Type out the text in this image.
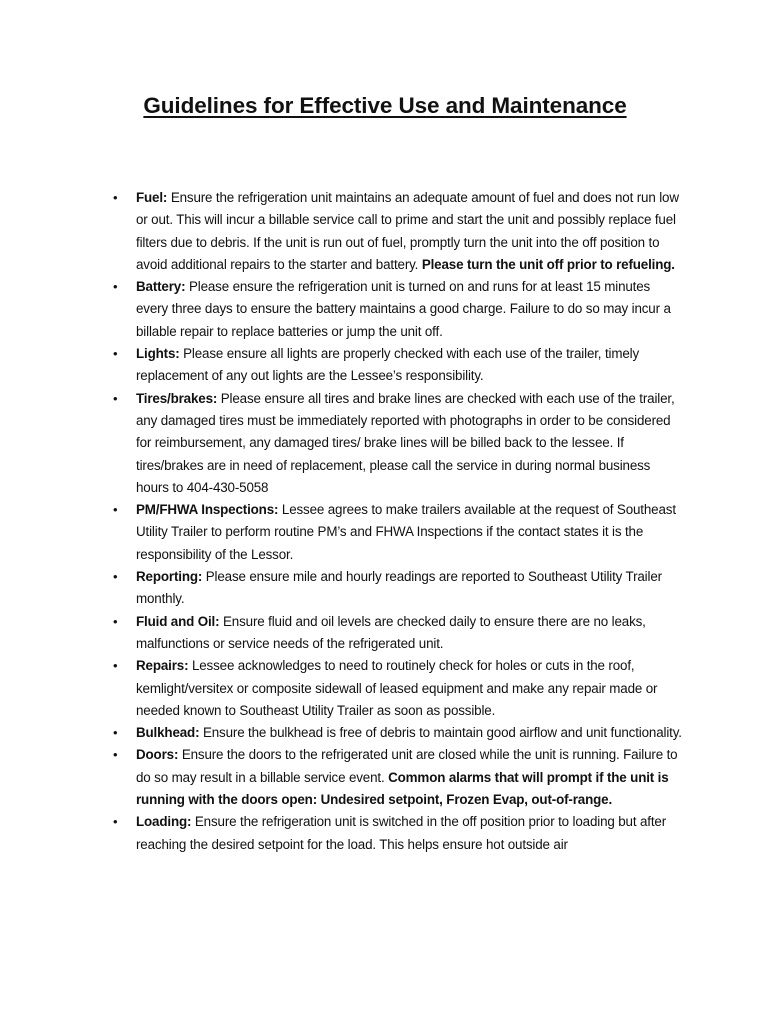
Guidelines for Effective Use and Maintenance
• Fuel: Ensure the refrigeration unit maintains an adequate amount of fuel and does not run low or out. This will incur a billable service call to prime and start the unit and possibly replace fuel filters due to debris. If the unit is run out of fuel, promptly turn the unit into the off position to avoid additional repairs to the starter and battery. Please turn the unit off prior to refueling.
• Battery: Please ensure the refrigeration unit is turned on and runs for at least 15 minutes every three days to ensure the battery maintains a good charge. Failure to do so may incur a billable repair to replace batteries or jump the unit off.
• Lights: Please ensure all lights are properly checked with each use of the trailer, timely replacement of any out lights are the Lessee’s responsibility.
• Tires/brakes: Please ensure all tires and brake lines are checked with each use of the trailer, any damaged tires must be immediately reported with photographs in order to be considered for reimbursement, any damaged tires/ brake lines will be billed back to the lessee. If tires/brakes are in need of replacement, please call the service in during normal business hours to 404-430-5058
• PM/FHWA Inspections: Lessee agrees to make trailers available at the request of Southeast Utility Trailer to perform routine PM’s and FHWA Inspections if the contact states it is the responsibility of the Lessor.
• Reporting: Please ensure mile and hourly readings are reported to Southeast Utility Trailer monthly.
• Fluid and Oil: Ensure fluid and oil levels are checked daily to ensure there are no leaks, malfunctions or service needs of the refrigerated unit.
• Repairs: Lessee acknowledges to need to routinely check for holes or cuts in the roof, kemlight/versitex or composite sidewall of leased equipment and make any repair made or needed known to Southeast Utility Trailer as soon as possible.
• Bulkhead: Ensure the bulkhead is free of debris to maintain good airflow and unit functionality.
• Doors: Ensure the doors to the refrigerated unit are closed while the unit is running. Failure to do so may result in a billable service event. Common alarms that will prompt if the unit is running with the doors open: Undesired setpoint, Frozen Evap, out-of-range.
• Loading: Ensure the refrigeration unit is switched in the off position prior to loading but after reaching the desired setpoint for the load. This helps ensure hot outside air
